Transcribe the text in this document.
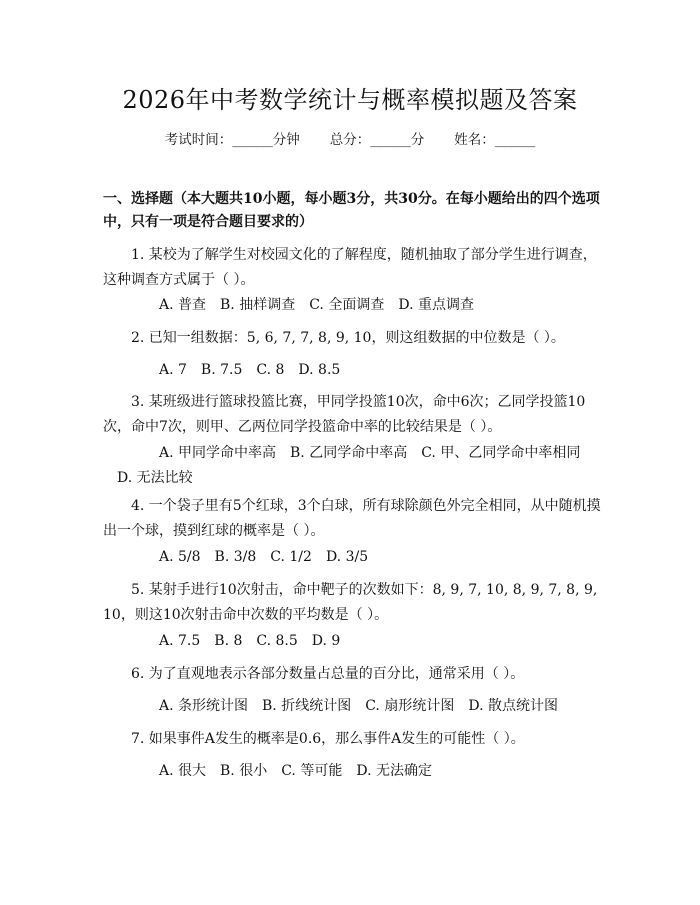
2026年中考数学统计与概率模拟题及答案
考试时间：______分钟 总分：______分 姓名：______
一、选择题（本大题共10小题，每小题3分，共30分。在每小题给出的四个选项中，只有一项是符合题目要求的）
1. 某校为了解学生对校园文化的了解程度，随机抽取了部分学生进行调查，这种调查方式属于（ ）。
A. 普查 B. 抽样调查 C. 全面调查 D. 重点调查
2. 已知一组数据：5, 6, 7, 7, 8, 9, 10，则这组数据的中位数是（ ）。
A. 7 B. 7.5 C. 8 D. 8.5
3. 某班级进行篮球投篮比赛，甲同学投篮10次，命中6次；乙同学投篮10次，命中7次，则甲、乙两位同学投篮命中率的比较结果是（ ）。
A. 甲同学命中率高 B. 乙同学命中率高 C. 甲、乙同学命中率相同D. 无法比较
4. 一个袋子里有5个红球，3个白球，所有球除颜色外完全相同，从中随机摸出一个球，摸到红球的概率是（ ）。
A. 5/8 B. 3/8 C. 1/2 D. 3/5
5. 某射手进行10次射击，命中靶子的次数如下：8, 9, 7, 10, 8, 9, 7, 8, 9, 10，则这10次射击命中次数的平均数是（ ）。
A. 7.5 B. 8 C. 8.5 D. 9
6. 为了直观地表示各部分数量占总量的百分比，通常采用（ ）。
A. 条形统计图 B. 折线统计图 C. 扇形统计图 D. 散点统计图
7. 如果事件A发生的概率是0.6，那么事件A发生的可能性（ ）。
A. 很大 B. 很小 C. 等可能 D. 无法确定
